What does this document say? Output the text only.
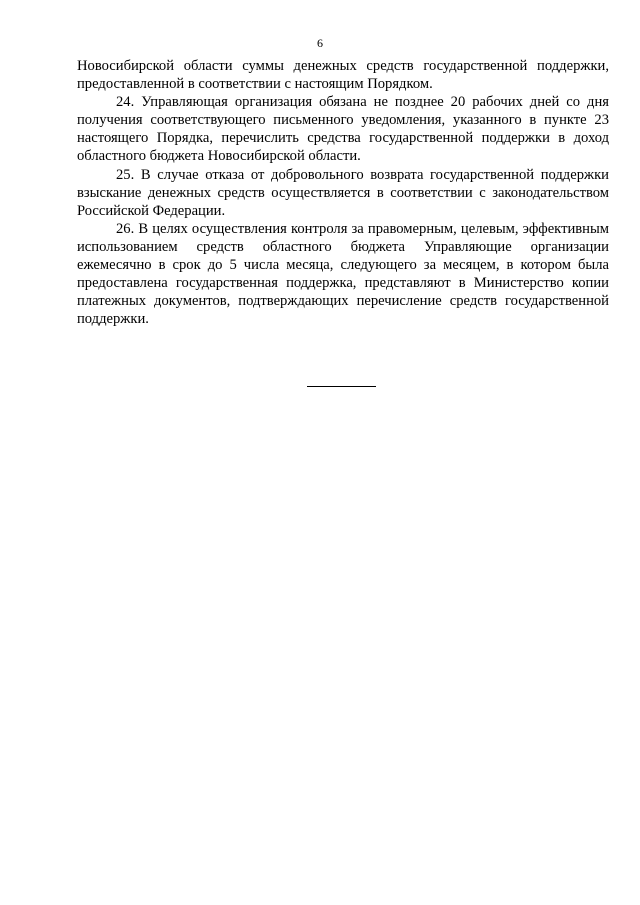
6

Новосибирской области суммы денежных средств государственной поддержки, предоставленной в соответствии с настоящим Порядком.

24. Управляющая организация обязана не позднее 20 рабочих дней со дня получения соответствующего письменного уведомления, указанного в пункте 23 настоящего Порядка, перечислить средства государственной поддержки в доход областного бюджета Новосибирской области.

25. В случае отказа от добровольного возврата государственной поддержки взыскание денежных средств осуществляется в соответствии с законодательством Российской Федерации.

26. В целях осуществления контроля за правомерным, целевым, эффективным использованием средств областного бюджета Управляющие организации ежемесячно в срок до 5 числа месяца, следующего за месяцем, в котором была предоставлена государственная поддержка, представляют в Министерство копии платежных документов, подтверждающих перечисление средств государственной поддержки.
